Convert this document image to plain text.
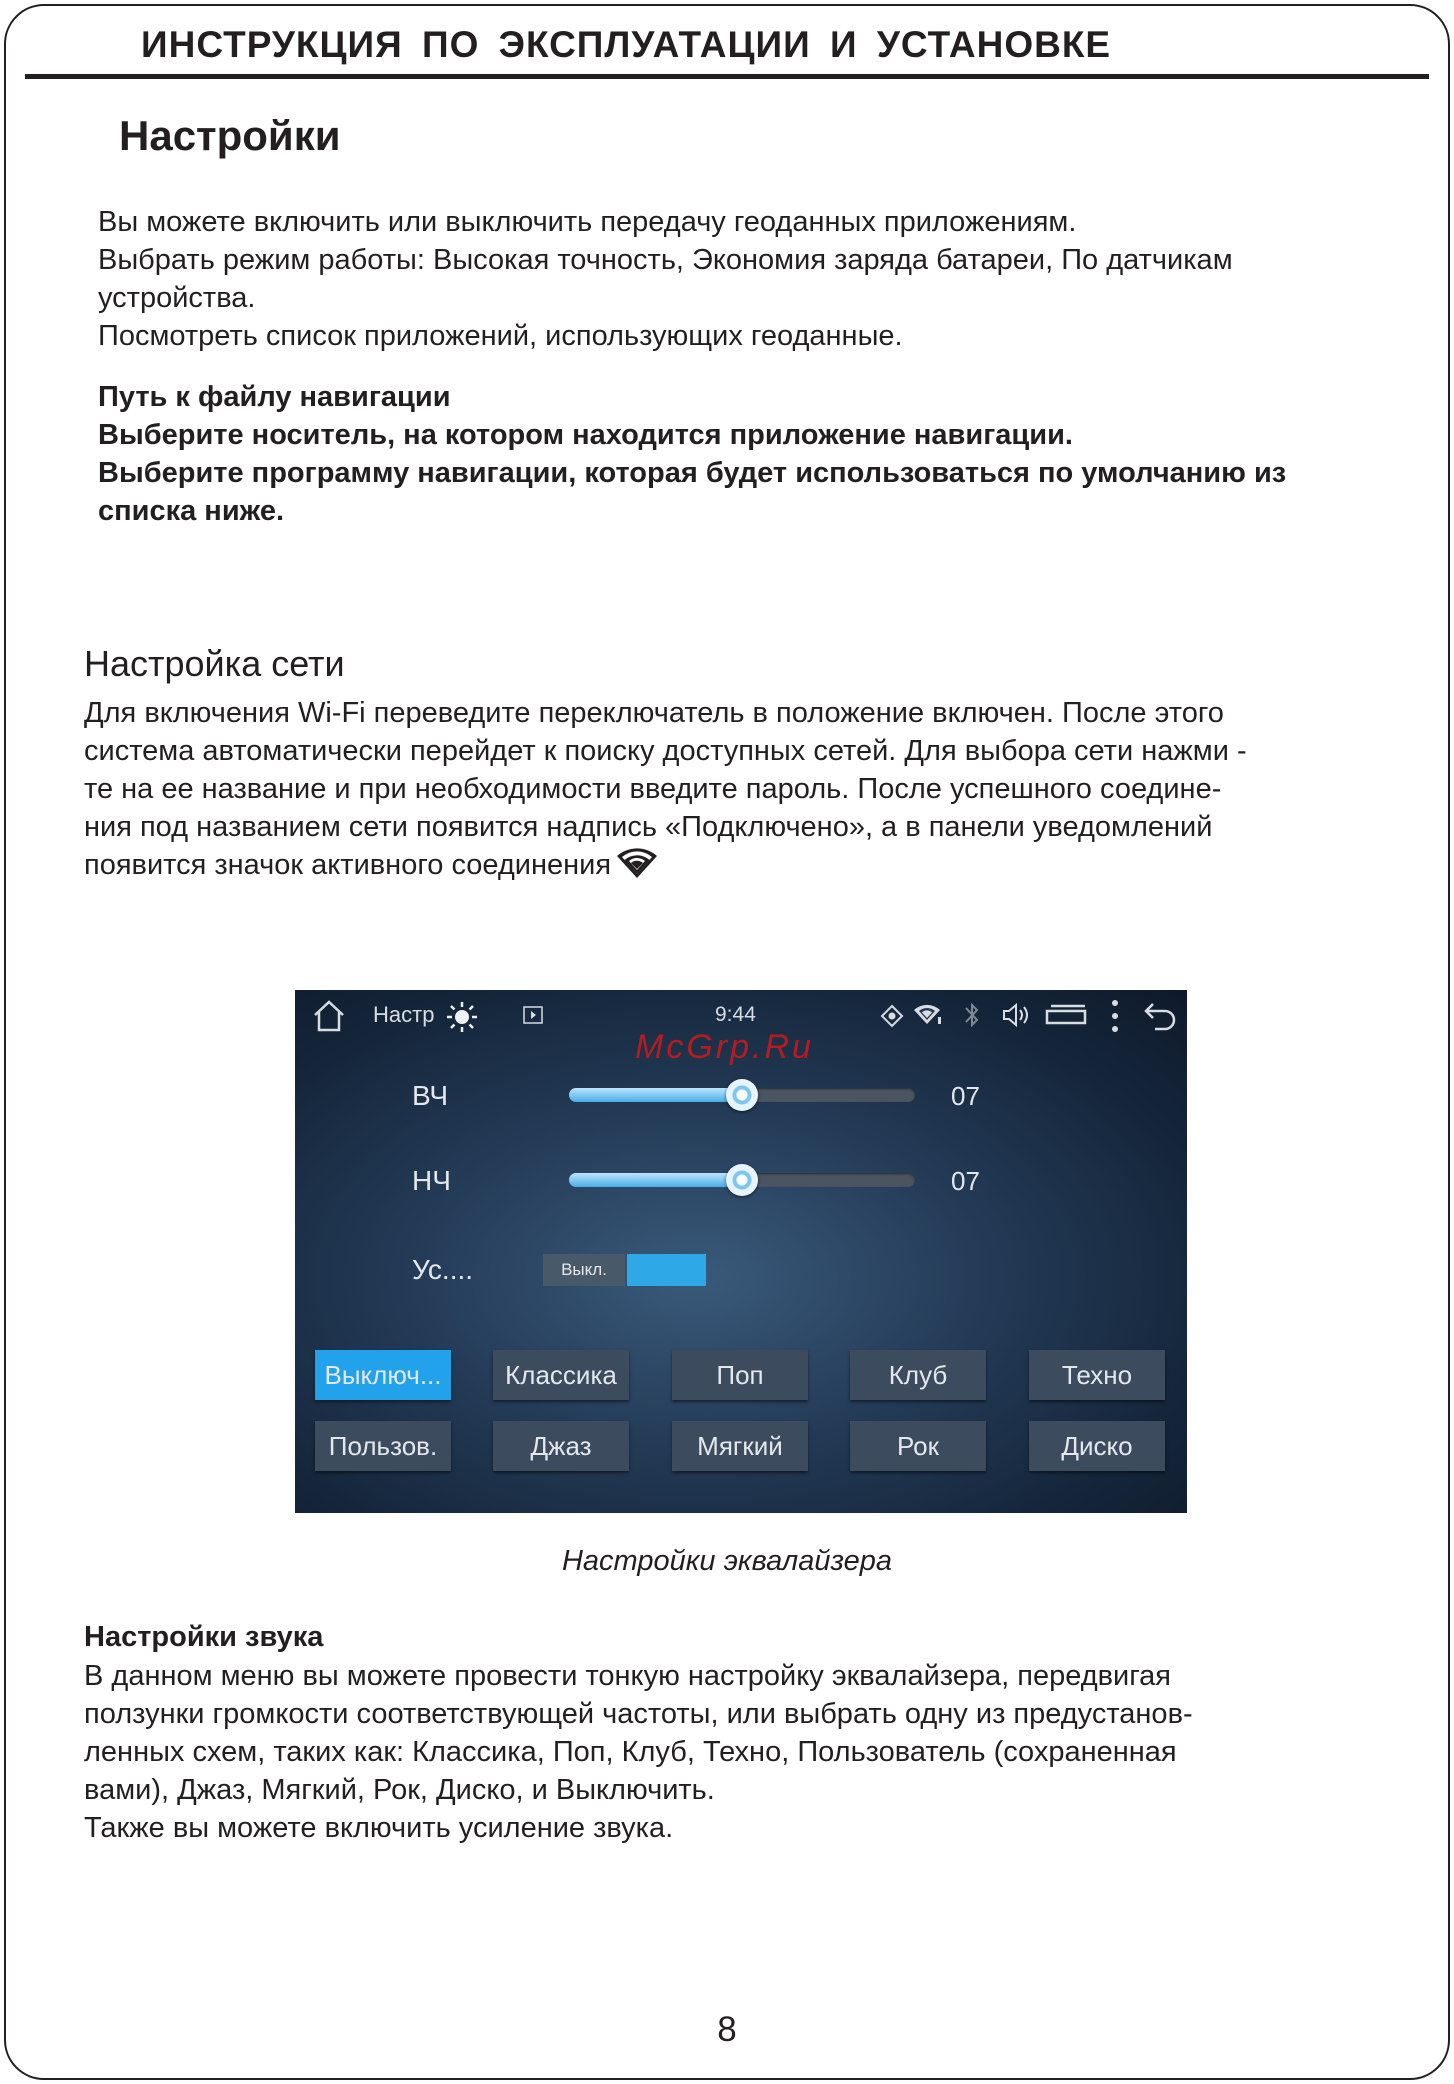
ИНСТРУКЦИЯ ПО ЭКСПЛУАТАЦИИ И УСТАНОВКЕ
Настройки
Вы можете включить или выключить передачу геоданных приложениям.
Выбрать режим работы: Высокая точность, Экономия заряда батареи, По датчикам
устройства.
Посмотреть список приложений, использующих геоданные.
Путь к файлу навигации
Выберите носитель, на котором находится приложение навигации.
Выберите программу навигации, которая будет использоваться по умолчанию из
списка ниже.
Настройка сети
Для включения Wi-Fi переведите переключатель в положение включен. После этого
система автоматически перейдет к поиску доступных сетей. Для выбора сети нажми -
те на ее название и при необходимости введите пароль. После успешного соедине-
ния под названием сети появится надпись «Подключено», а в панели уведомлений
появится значок активного соединения
Настр	9:44
McGrp.Ru
ВЧ	07
НЧ	07
Ус....	Выкл.
Выключ...	Классика	Поп	Клуб	Техно
Пользов.	Джаз	Мягкий	Рок	Диско
Настройки эквалайзера
Настройки звука
В данном меню вы можете провести тонкую настройку эквалайзера, передвигая
ползунки громкости соответствующей частоты, или выбрать одну из предустанов-
ленных схем, таких как: Классика, Поп, Клуб, Техно, Пользователь (сохраненная
вами), Джаз, Мягкий, Рок, Диско, и Выключить.
Также вы можете включить усиление звука.
8
